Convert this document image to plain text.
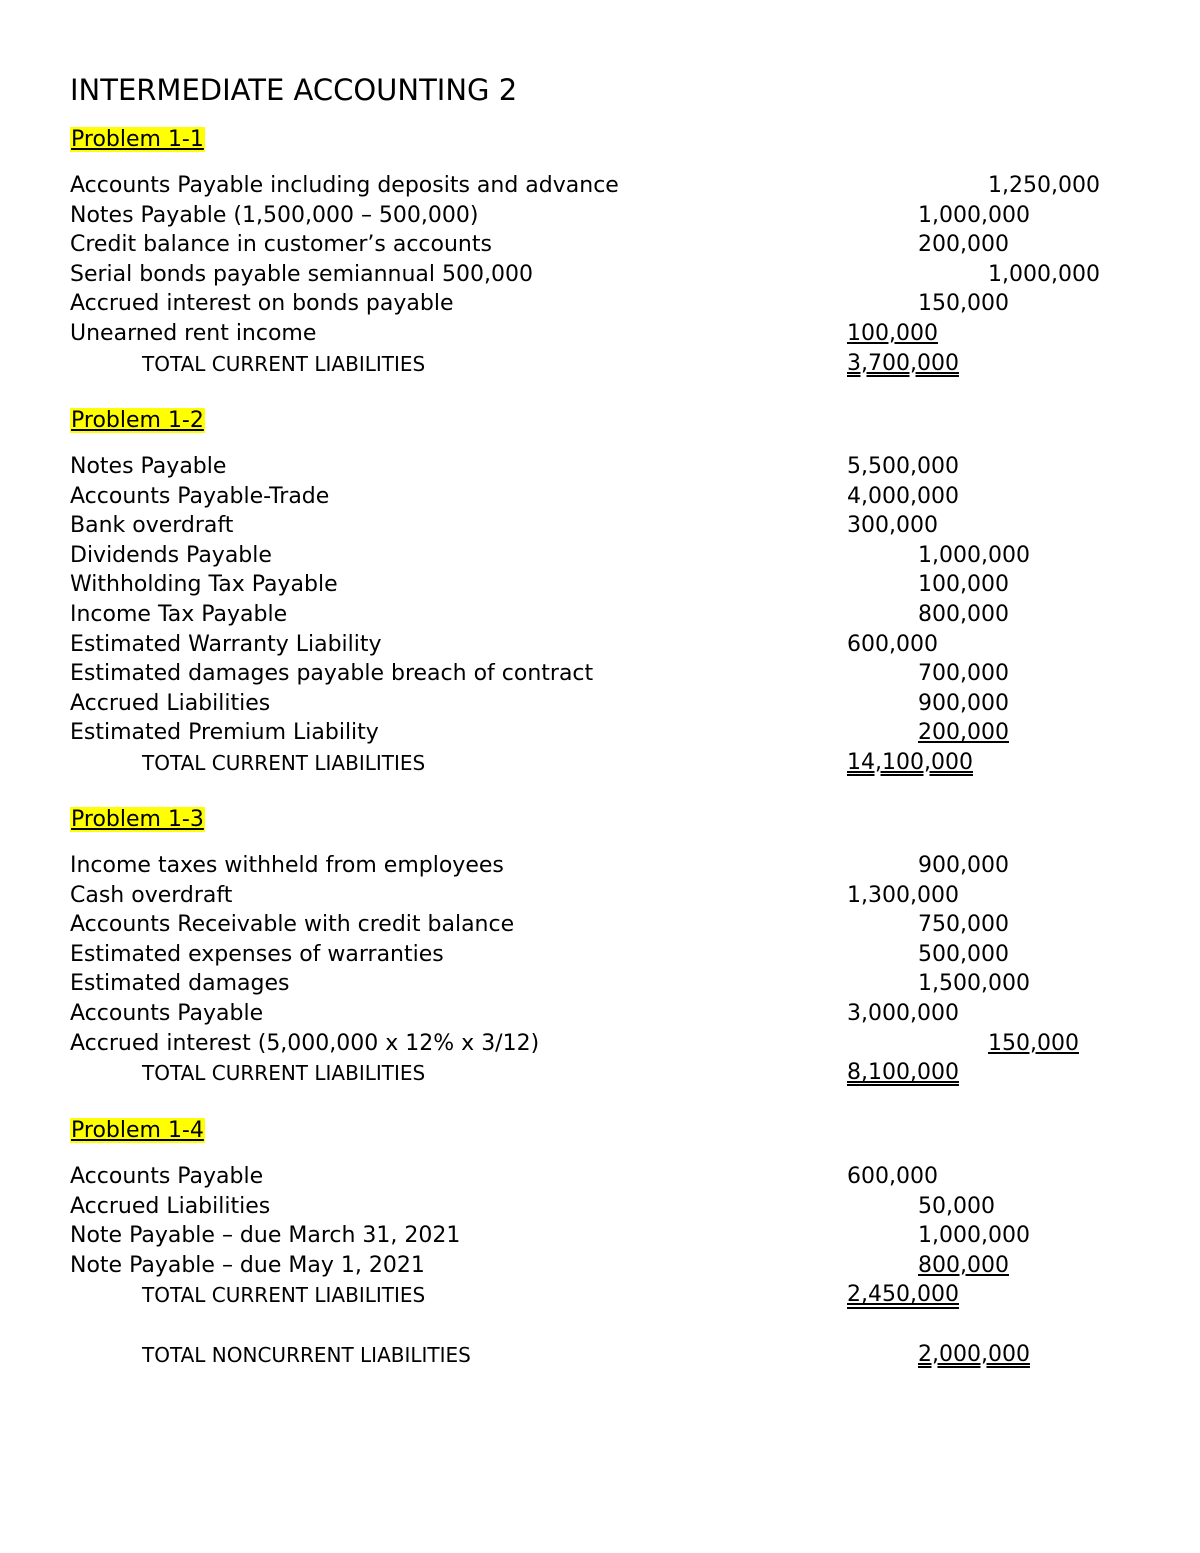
INTERMEDIATE ACCOUNTING 2
Problem 1-1
Accounts Payable including deposits and advance	1,250,000
Notes Payable (1,500,000 – 500,000)	1,000,000
Credit balance in customer’s accounts	200,000
Serial bonds payable semiannual 500,000	1,000,000
Accrued interest on bonds payable	150,000
Unearned rent income	100,000
TOTAL CURRENT LIABILITIES	3,700,000
Problem 1-2
Notes Payable	5,500,000
Accounts Payable-Trade	4,000,000
Bank overdraft	300,000
Dividends Payable	1,000,000
Withholding Tax Payable	100,000
Income Tax Payable	800,000
Estimated Warranty Liability	600,000
Estimated damages payable breach of contract	700,000
Accrued Liabilities	900,000
Estimated Premium Liability	200,000
TOTAL CURRENT LIABILITIES	14,100,000
Problem 1-3
Income taxes withheld from employees	900,000
Cash overdraft	1,300,000
Accounts Receivable with credit balance	750,000
Estimated expenses of warranties	500,000
Estimated damages	1,500,000
Accounts Payable	3,000,000
Accrued interest (5,000,000 x 12% x 3/12)	150,000
TOTAL CURRENT LIABILITIES	8,100,000
Problem 1-4
Accounts Payable	600,000
Accrued Liabilities	50,000
Note Payable – due March 31, 2021	1,000,000
Note Payable – due May 1, 2021	800,000
TOTAL CURRENT LIABILITIES	2,450,000
TOTAL NONCURRENT LIABILITIES	2,000,000
